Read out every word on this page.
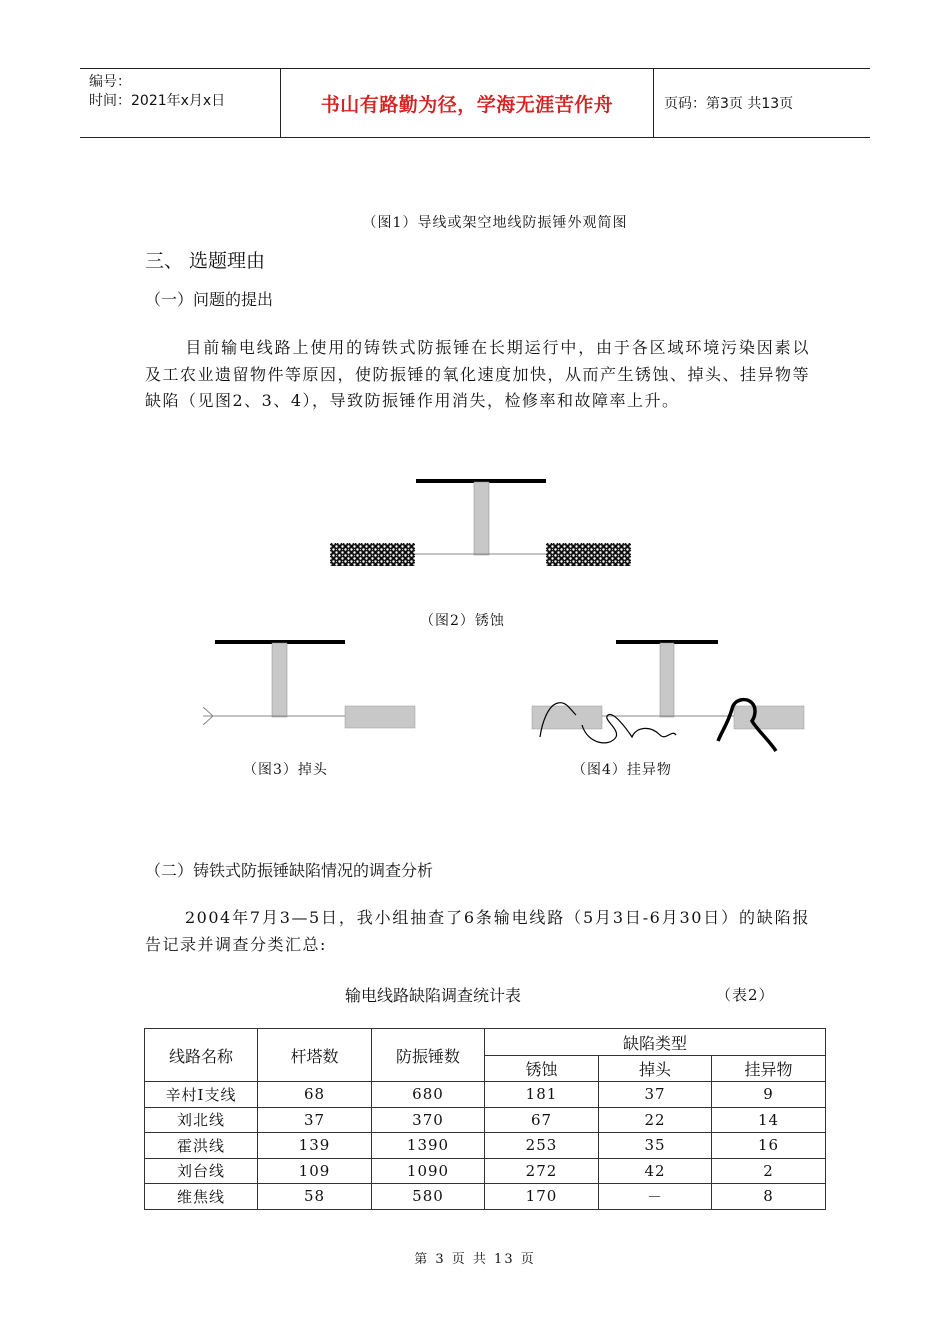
编号：
时间：2021年x月x日	书山有路勤为径，学海无涯苦作舟	页码：第3页 共13页
（图1）导线或架空地线防振锤外观简图
三、 选题理由
（一）问题的提出
目前输电线路上使用的铸铁式防振锤在长期运行中，由于各区域环境污染因素以及工农业遗留物件等原因，使防振锤的氧化速度加快，从而产生锈蚀、掉头、挂异物等缺陷（见图2、3、4），导致防振锤作用消失，检修率和故障率上升。
（图2）锈蚀
（图3）掉头	（图4）挂异物
（二）铸铁式防振锤缺陷情况的调查分析
2004年7月3—5日，我小组抽查了6条输电线路（5月3日-6月30日）的缺陷报告记录并调查分类汇总:
输电线路缺陷调查统计表	（表2）
线路名称	杆塔数	防振锤数	缺陷类型		
			锈蚀	掉头	挂异物
辛村Ⅰ支线	68	680	181	37	9
刘北线	37	370	67	22	14
霍洪线	139	1390	253	35	16
刘台线	109	1090	272	42	2
维焦线	58	580	170	－	8
第 3 页 共 13 页
